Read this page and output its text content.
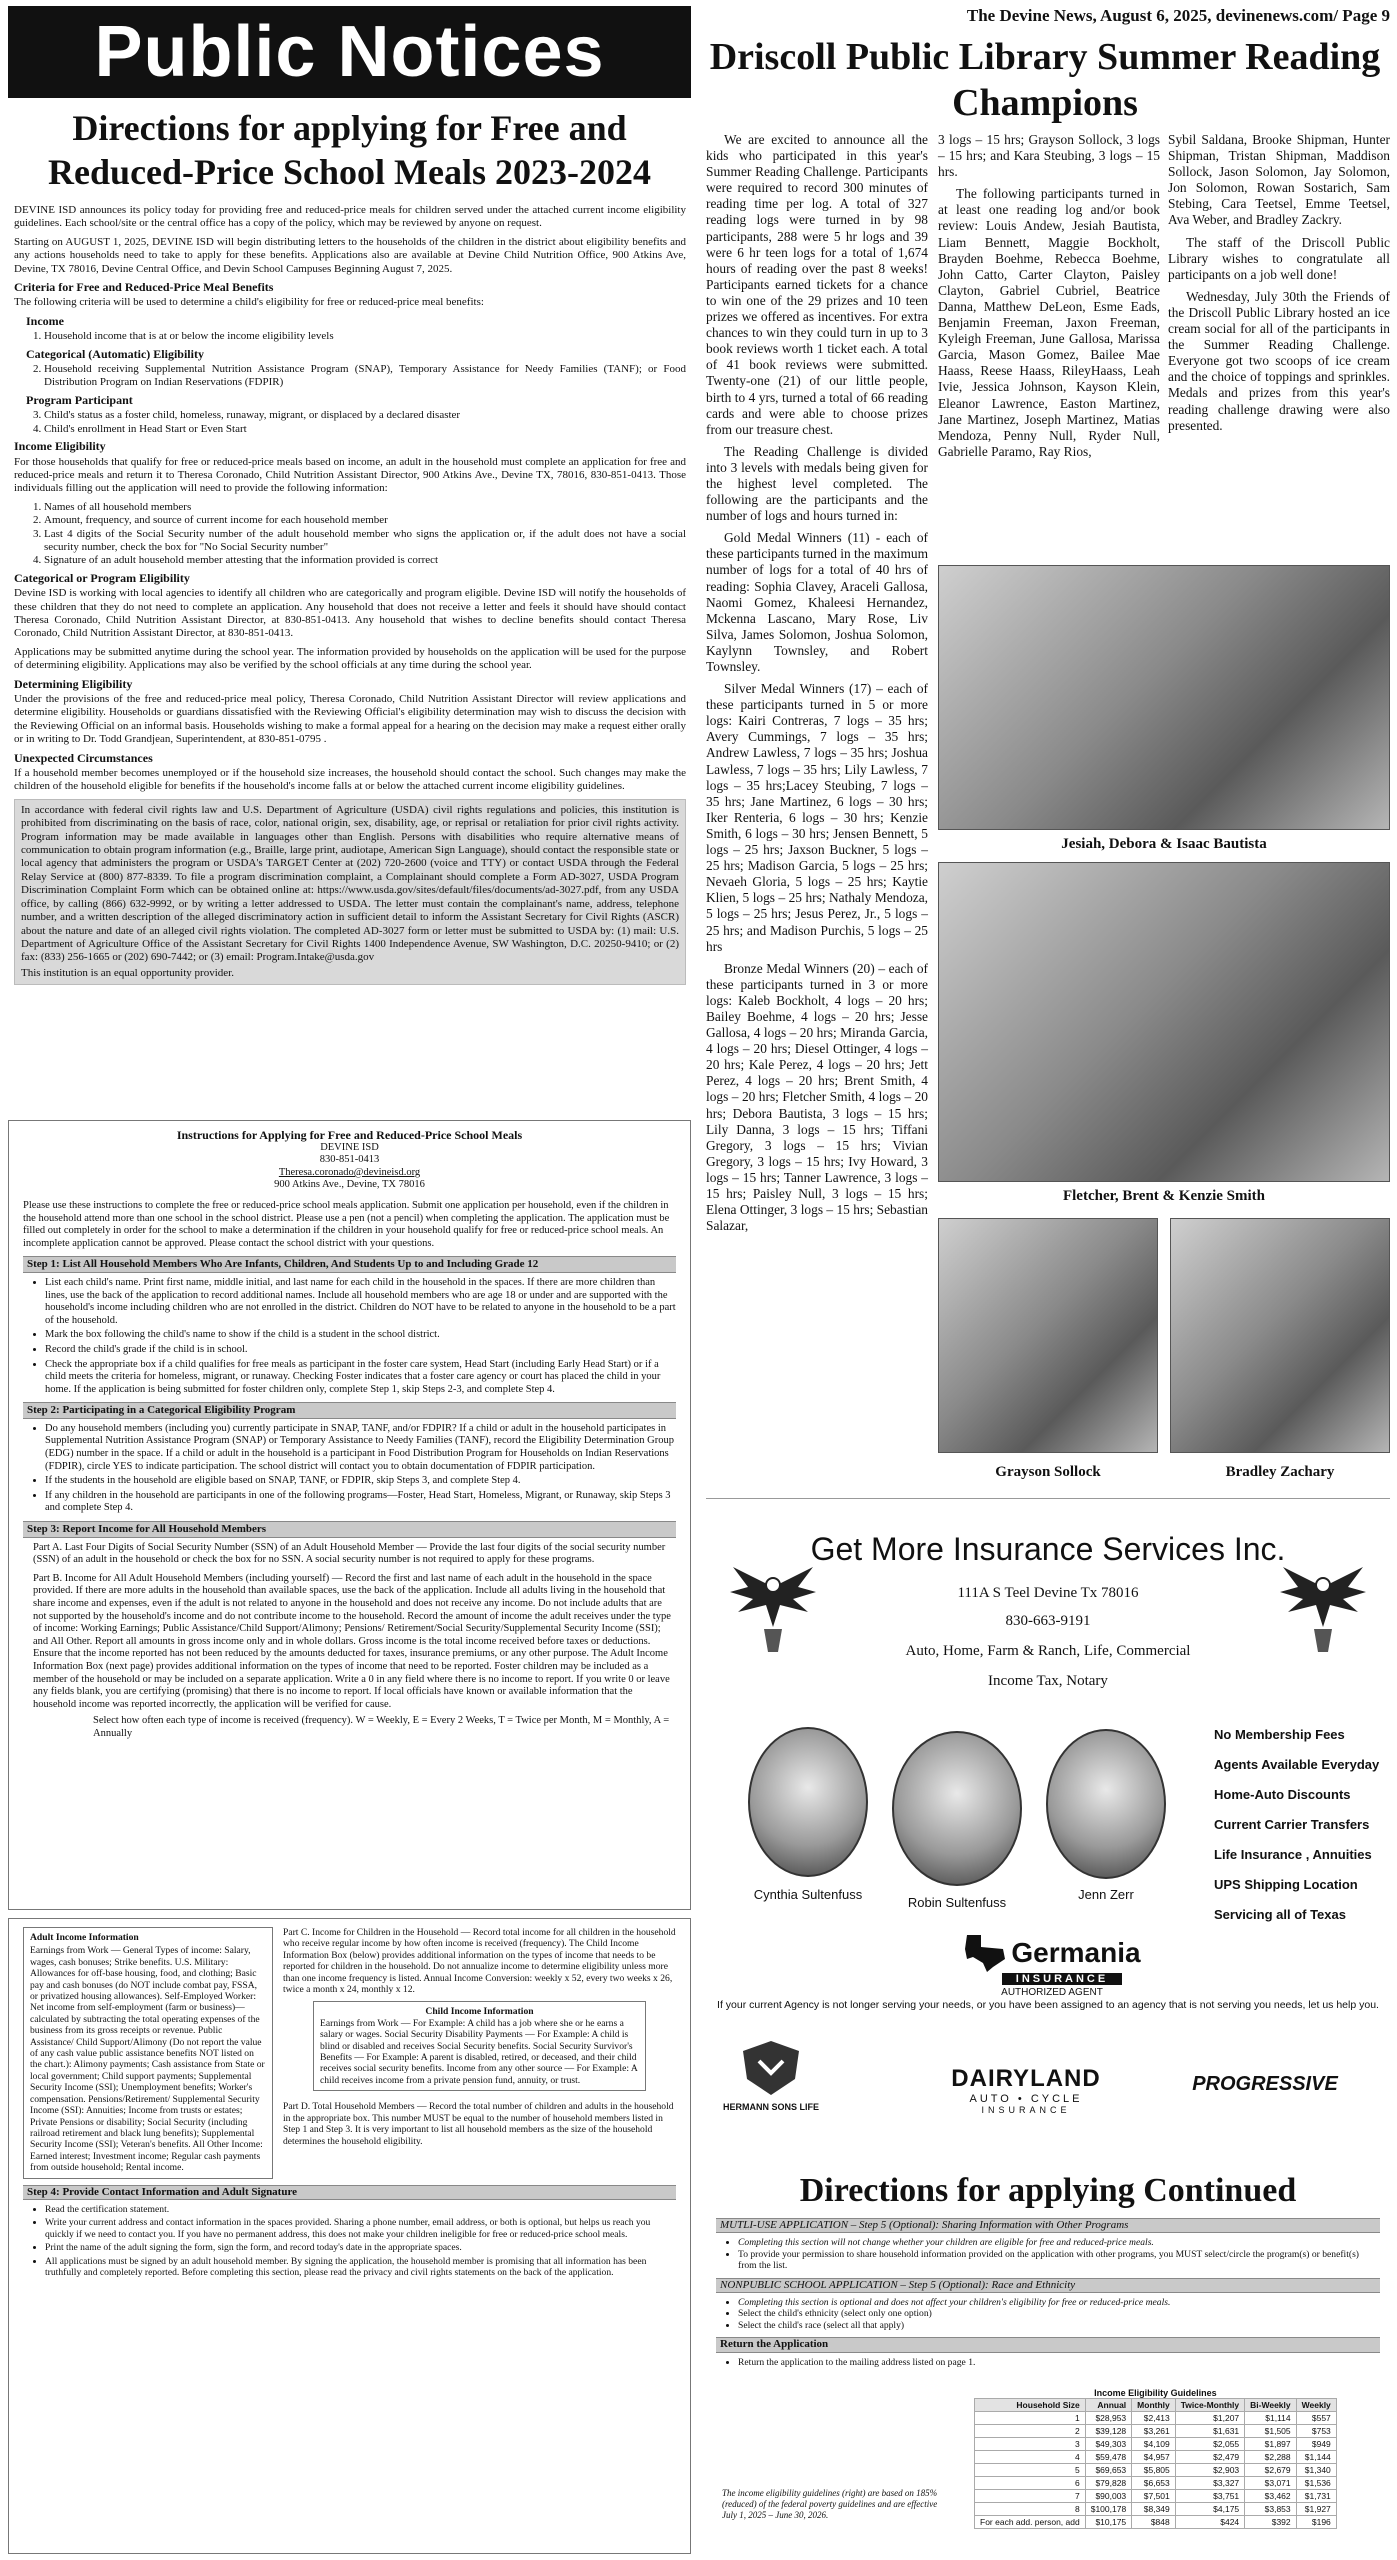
Public Notices	The Devine News, August 6, 2025, devinenews.com/ Page 9
Driscoll Public Library Summer Reading Champions
Directions for applying for Free and Reduced-Price School Meals 2023-2024

DEVINE ISD announces its policy today for providing free and reduced-price meals for children served under the attached current income eligibility guidelines. Each school/site or the central office has a copy of the policy, which may be reviewed by anyone on request.

Starting on AUGUST 1, 2025, DEVINE ISD will begin distributing letters to the households of the children in the district about eligibility benefits and any actions households need to take to apply for these benefits. Applications also are available at Devine Child Nutrition Office, 900 Atkins Ave, Devine, TX 78016, Devine Central Office, and Devin School Campuses Beginning August 7, 2025.

Criteria for Free and Reduced-Price Meal Benefits

The following criteria will be used to determine a child's eligibility for free or reduced-price meal benefits:

Income
1. Household income that is at or below the income eligibility levels
Categorical (Automatic) Eligibility
2. Household receiving Supplemental Nutrition Assistance Program (SNAP), Temporary Assistance for Needy Families (TANF); or Food Distribution Program on Indian Reservations (FDPIR)
Program Participant
3. Child's status as a foster child, homeless, runaway, migrant, or displaced by a declared disaster
4. Child's enrollment in Head Start or Even Start
Income Eligibility

For those households that qualify for free or reduced-price meals based on income, an adult in the household must complete an application for free and reduced-price meals and return it to Theresa Coronado, Child Nutrition Assistant Director, 900 Atkins Ave., Devine TX, 78016, 830-851-0413. Those individuals filling out the application will need to provide the following information:

1. Names of all household members
2. Amount, frequency, and source of current income for each household member
3. Last 4 digits of the Social Security number of the adult household member who signs the application or, if the adult does not have a social security number, check the box for "No Social Security number"
4. Signature of an adult household member attesting that the information provided is correct
Categorical or Program Eligibility

Devine ISD is working with local agencies to identify all children who are categorically and program eligible. Devine ISD will notify the households of these children that they do not need to complete an application. Any household that does not receive a letter and feels it should have should contact Theresa Coronado, Child Nutrition Assistant Director, at 830-851-0413. Any household that wishes to decline benefits should contact Theresa Coronado, Child Nutrition Assistant Director, at 830-851-0413.

Applications may be submitted anytime during the school year. The information provided by households on the application will be used for the purpose of determining eligibility. Applications may also be verified by the school officials at any time during the school year.

Determining Eligibility

Under the provisions of the free and reduced-price meal policy, Theresa Coronado, Child Nutrition Assistant Director will review applications and determine eligibility. Households or guardians dissatisfied with the Reviewing Official's eligibility determination may wish to discuss the decision with the Reviewing Official on an informal basis. Households wishing to make a formal appeal for a hearing on the decision may make a request either orally or in writing to Dr. Todd Grandjean, Superintendent, at 830-851-0795 .

Unexpected Circumstances

If a household member becomes unemployed or if the household size increases, the household should contact the school. Such changes may make the children of the household eligible for benefits if the household's income falls at or below the attached current income eligibility guidelines.

In accordance with federal civil rights law and U.S. Department of Agriculture (USDA) civil rights regulations and policies, this institution is prohibited from discriminating on the basis of race, color, national origin, sex, disability, age, or reprisal or retaliation for prior civil rights activity. Program information may be made available in languages other than English. Persons with disabilities who require alternative means of communication to obtain program information (e.g., Braille, large print, audiotape, American Sign Language), should contact the responsible state or local agency that administers the program or USDA's TARGET Center at (202) 720-2600 (voice and TTY) or contact USDA through the Federal Relay Service at (800) 877-8339. To file a program discrimination complaint, a Complainant should complete a Form AD-3027, USDA Program Discrimination Complaint Form which can be obtained online at: https://www.usda.gov/sites/default/files/documents/ad-3027.pdf, from any USDA office, by calling (866) 632-9992, or by writing a letter addressed to USDA. The letter must contain the complainant's name, address, telephone number, and a written description of the alleged discriminatory action in sufficient detail to inform the Assistant Secretary for Civil Rights (ASCR) about the nature and date of an alleged civil rights violation. The completed AD-3027 form or letter must be submitted to USDA by: (1) mail: U.S. Department of Agriculture Office of the Assistant Secretary for Civil Rights 1400 Independence Avenue, SW Washington, D.C. 20250-9410; or (2) fax: (833) 256-1665 or (202) 690-7442; or (3) email: Program.Intake@usda.gov

This institution is an equal opportunity provider.

Instructions for Applying for Free and Reduced-Price School Meals
DEVINE ISD
830-851-0413
Theresa.coronado@devineisd.org
900 Atkins Ave., Devine, TX 78016

Please use these instructions to complete the free or reduced-price school meals application. Submit one application per household, even if the children in the household attend more than one school in the school district. Please use a pen (not a pencil) when completing the application. The application must be filled out completely in order for the school to make a determination if the children in your household qualify for free or reduced-price school meals. An incomplete application cannot be approved. Please contact the school district with your questions.

Step 1: List All Household Members Who Are Infants, Children, And Students Up to and Including Grade 12
• List each child's name. Print first name, middle initial, and last name for each child in the household in the spaces. If there are more children than lines, use the back of the application to record additional names. Include all household members who are age 18 or under and are supported with the household's income including children who are not enrolled in the district. Children do NOT have to be related to anyone in the household to be a part of the household.
• Mark the box following the child's name to show if the child is a student in the school district.
• Record the child's grade if the child is in school.
• Check the appropriate box if a child qualifies for free meals as participant in the foster care system, Head Start (including Early Head Start) or if a child meets the criteria for homeless, migrant, or runaway. Checking Foster indicates that a foster care agency or court has placed the child in your home. If the application is being submitted for foster children only, complete Step 1, skip Steps 2-3, and complete Step 4.
Step 2: Participating in a Categorical Eligibility Program
• Do any household members (including you) currently participate in SNAP, TANF, and/or FDPIR? If a child or adult in the household participates in Supplemental Nutrition Assistance Program (SNAP) or Temporary Assistance to Needy Families (TANF), record the Eligibility Determination Group (EDG) number in the space. If a child or adult in the household is a participant in Food Distribution Program for Households on Indian Reservations (FDPIR), circle YES to indicate participation. The school district will contact you to obtain documentation of FDPIR participation.
• If the students in the household are eligible based on SNAP, TANF, or FDPIR, skip Steps 3, and complete Step 4.
• If any children in the household are participants in one of the following programs—Foster, Head Start, Homeless, Migrant, or Runaway, skip Steps 3 and complete Step 4.
Step 3: Report Income for All Household Members

Part A. Last Four Digits of Social Security Number (SSN) of an Adult Household Member — Provide the last four digits of the social security number (SSN) of an adult in the household or check the box for no SSN. A social security number is not required to apply for these programs.

Part B. Income for All Adult Household Members (including yourself) — Record the first and last name of each adult in the household in the space provided. If there are more adults in the household than available spaces, use the back of the application. Include all adults living in the household that share income and expenses, even if the adult is not related to anyone in the household and does not receive any income. Do not include adults that are not supported by the household's income and do not contribute income to the household. Record the amount of income the adult receives under the type of income: Working Earnings; Public Assistance/Child Support/Alimony; Pensions/ Retirement/Social Security/Supplemental Security Income (SSI); and All Other. Report all amounts in gross income only and in whole dollars. Gross income is the total income received before taxes or deductions. Ensure that the income reported has not been reduced by the amounts deducted for taxes, insurance premiums, or any other purpose. The Adult Income Information Box (next page) provides additional information on the types of income that need to be reported. Foster children may be included as a member of the household or may be included on a separate application. Write a 0 in any field where there is no income to report. If you write 0 or leave any fields blank, you are certifying (promising) that there is no income to report. If local officials have known or available information that the household income was reported incorrectly, the application will be verified for cause.

Select how often each type of income is received (frequency). W = Weekly, E = Every 2 Weeks, T = Twice per Month, M = Monthly, A = Annually

Adult Income Information
Earnings from Work — General Types of income: Salary, wages, cash bonuses; Strike benefits. U.S. Military: Allowances for off-base housing, food, and clothing; Basic pay and cash bonuses (do NOT include combat pay, FSSA, or privatized housing allowances). Self-Employed Worker: Net income from self-employment (farm or business)—calculated by subtracting the total operating expenses of the business from its gross receipts or revenue. Public Assistance/ Child Support/Alimony (Do not report the value of any cash value public assistance benefits NOT listed on the chart.): Alimony payments; Cash assistance from State or local government; Child support payments; Supplemental Security Income (SSI); Unemployment benefits; Worker's compensation. Pensions/Retirement/ Supplemental Security Income (SSI): Annuities; Income from trusts or estates; Private Pensions or disability; Social Security (including railroad retirement and black lung benefits); Supplemental Security Income (SSI); Veteran's benefits. All Other Income: Earned interest; Investment income; Regular cash payments from outside household; Rental income.

Part C. Income for Children in the Household — Record total income for all children in the household who receive regular income by how often income is received (frequency). The Child Income Information Box (below) provides additional information on the types of income that needs to be reported for children in the household. Do not annualize income to determine eligibility unless more than one income frequency is listed. Annual Income Conversion: weekly x 52, every two weeks x 26, twice a month x 24, monthly x 12.

Child Income Information
Earnings from Work — For Example: A child has a job where she or he earns a salary or wages. Social Security Disability Payments — For Example: A child is blind or disabled and receives Social Security benefits. Social Security Survivor's Benefits — For Example: A parent is disabled, retired, or deceased, and their child receives social security benefits. Income from any other source — For Example: A child receives income from a private pension fund, annuity, or trust.

Part D. Total Household Members — Record the total number of children and adults in the household in the appropriate box. This number MUST be equal to the number of household members listed in Step 1 and Step 3. It is very important to list all household members as the size of the household determines the household eligibility.

Step 4: Provide Contact Information and Adult Signature
• Read the certification statement.
• Write your current address and contact information in the spaces provided. Sharing a phone number, email address, or both is optional, but helps us reach you quickly if we need to contact you. If you have no permanent address, this does not make your children ineligible for free or reduced-price school meals.
• Print the name of the adult signing the form, sign the form, and record today's date in the appropriate spaces.
• All applications must be signed by an adult household member. By signing the application, the household member is promising that all information has been truthfully and completely reported. Before completing this section, please read the privacy and civil rights statements on the back of the application.

We are excited to announce all the kids who participated in this year's Summer Reading Challenge. Participants were required to record 300 minutes of reading time per log. A total of 327 reading logs were turned in by 98 participants, 288 were 5 hr logs and 39 were 6 hr teen logs for a total of 1,674 hours of reading over the past 8 weeks! Participants earned tickets for a chance to win one of the 29 prizes and 10 teen prizes we offered as incentives. For extra chances to win they could turn in up to 3 book reviews worth 1 ticket each. A total of 41 book reviews were submitted. Twenty-one (21) of our little people, birth to 4 yrs, turned a total of 66 reading cards and were able to choose prizes from our treasure chest.

The Reading Challenge is divided into 3 levels with medals being given for the highest level completed. The following are the participants and the number of logs and hours turned in:

Gold Medal Winners (11) - each of these participants turned in the maximum number of logs for a total of 40 hrs of reading: Sophia Clavey, Araceli Gallosa, Naomi Gomez, Khaleesi Hernandez, Mckenna Lascano, Mary Rose, Liv Silva, James Solomon, Joshua Solomon, Kaylynn Townsley, and Robert Townsley.

Silver Medal Winners (17) – each of these participants turned in 5 or more logs: Kairi Contreras, 7 logs – 35 hrs; Avery Cummings, 7 logs – 35 hrs; Andrew Lawless, 7 logs – 35 hrs; Joshua Lawless, 7 logs – 35 hrs; Lily Lawless, 7 logs – 35 hrs;Lacey Steubing, 7 logs – 35 hrs; Jane Martinez, 6 logs – 30 hrs; Iker Renteria, 6 logs – 30 hrs; Kenzie Smith, 6 logs – 30 hrs; Jensen Bennett, 5 logs – 25 hrs; Jaxson Buckner, 5 logs – 25 hrs; Madison Garcia, 5 logs – 25 hrs; Nevaeh Gloria, 5 logs – 25 hrs; Kaytie Klien, 5 logs – 25 hrs; Nathaly Mendoza, 5 logs – 25 hrs; Jesus Perez, Jr., 5 logs – 25 hrs; and Madison Purchis, 5 logs – 25 hrs

Bronze Medal Winners (20) – each of these participants turned in 3 or more logs: Kaleb Bockholt, 4 logs – 20 hrs; Bailey Boehme, 4 logs – 20 hrs; Jesse Gallosa, 4 logs – 20 hrs; Miranda Garcia, 4 logs – 20 hrs; Diesel Ottinger, 4 logs – 20 hrs; Kale Perez, 4 logs – 20 hrs; Jett Perez, 4 logs – 20 hrs; Brent Smith, 4 logs – 20 hrs; Fletcher Smith, 4 logs – 20 hrs; Debora Bautista, 3 logs – 15 hrs; Lily Danna, 3 logs – 15 hrs; Tiffani Gregory, 3 logs – 15 hrs; Vivian Gregory, 3 logs – 15 hrs; Ivy Howard, 3 logs – 15 hrs; Tanner Lawrence, 3 logs – 15 hrs; Paisley Null, 3 logs – 15 hrs; Elena Ottinger, 3 logs – 15 hrs; Sebastian Salazar,

3 logs – 15 hrs; Grayson Sollock, 3 logs – 15 hrs; and Kara Steubing, 3 logs – 15 hrs.

The following participants turned in at least one reading log and/or book review: Louis Andew, Jesiah Bautista, Liam Bennett, Maggie Bockholt, Brayden Boehme, Rebecca Boehme, John Catto, Carter Clayton, Paisley Clayton, Gabriel Cubriel, Beatrice Danna, Matthew DeLeon, Esme Eads, Benjamin Freeman, Jaxon Freeman, Kyleigh Freeman, June Gallosa, Marissa Garcia, Mason Gomez, Bailee Mae Haass, Reese Haass, RileyHaass, Leah Ivie, Jessica Johnson, Kayson Klein, Eleanor Lawrence, Easton Martinez, Jane Martinez, Joseph Martinez, Matias Mendoza, Penny Null, Ryder Null, Gabrielle Paramo, Ray Rios,

Sybil Saldana, Brooke Shipman, Hunter Shipman, Tristan Shipman, Maddison Sollock, Jason Solomon, Jay Solomon, Jon Solomon, Rowan Sostarich, Sam Stebing, Cara Teetsel, Emme Teetsel, Ava Weber, and Bradley Zackry.

The staff of the Driscoll Public Library wishes to congratulate all participants on a job well done!

Wednesday, July 30th the Friends of the Driscoll Public Library hosted an ice cream social for all of the participants in the Summer Reading Challenge. Everyone got two scoops of ice cream and the choice of toppings and sprinkles. Medals and prizes from this year's reading challenge drawing were also presented.

Jesiah, Debora & Isaac Bautista
Fletcher, Brent & Kenzie Smith
Grayson Sollock	Bradley Zachary
Get More Insurance Services Inc.
111A S Teel Devine Tx 78016
830-663-9191
Auto, Home, Farm & Ranch, Life, Commercial
Income Tax, Notary
Cynthia Sultenfuss
Robin Sultenfuss
Jenn Zerr
No Membership Fees
Agents Available Everyday
Home-Auto Discounts
Current Carrier Transfers
Life Insurance , Annuities
UPS Shipping Location
Servicing all of Texas
Germania
INSURANCE
AUTHORIZED AGENT
If your current Agency is not longer serving your needs, or you have been assigned to an agency that is not serving you needs, let us help you.
HERMANN SONS LIFE
DAIRYLAND
AUTO • CYCLE
INSURANCE
PROGRESSIVE
Directions for applying Continued
MUTLI-USE APPLICATION – Step 5 (Optional): Sharing Information with Other Programs
• Completing this section will not change whether your children are eligible for free and reduced-price meals.
• To provide your permission to share household information provided on the application with other programs, you MUST select/circle the program(s) or benefit(s) from the list.
NONPUBLIC SCHOOL APPLICATION – Step 5 (Optional): Race and Ethnicity
• Completing this section is optional and does not affect your children's eligibility for free or reduced-price meals.
• Select the child's ethnicity (select only one option)
• Select the child's race (select all that apply)
Return the Application
• Return the application to the mailing address listed on page 1.
The income eligibility guidelines (right) are based on 185% (reduced) of the federal poverty guidelines and are effective July 1, 2025 – June 30, 2026.
Income Eligibility Guidelines
Household Size	Annual	Monthly	Twice-Monthly	Bi-Weekly	Weekly
1	$28,953	$2,413	$1,207	$1,114	$557
2	$39,128	$3,261	$1,631	$1,505	$753
3	$49,303	$4,109	$2,055	$1,897	$949
4	$59,478	$4,957	$2,479	$2,288	$1,144
5	$69,653	$5,805	$2,903	$2,679	$1,340
6	$79,828	$6,653	$3,327	$3,071	$1,536
7	$90,003	$7,501	$3,751	$3,462	$1,731
8	$100,178	$8,349	$4,175	$3,853	$1,927
For each add. person, add	$10,175	$848	$424	$392	$196
